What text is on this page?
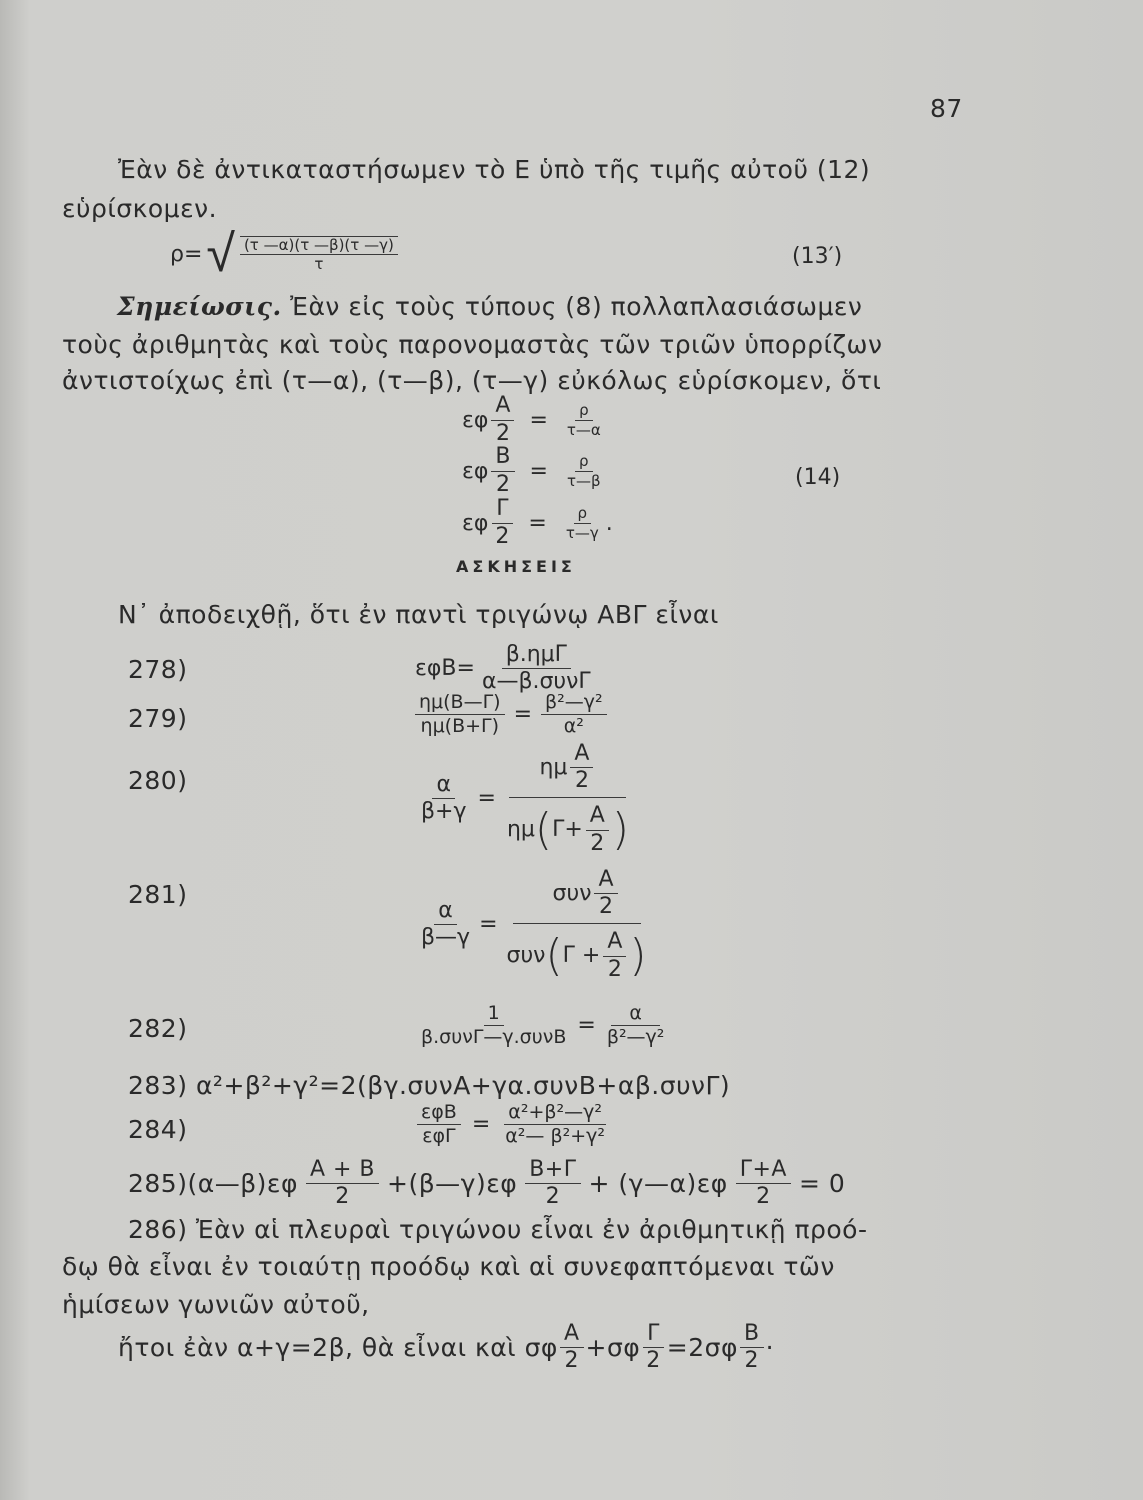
87
Ἐὰν δὲ ἀντικαταστήσωμεν τὸ Ε ὑπὸ τῆς τιμῆς αὐτοῦ (12)
εὑρίσκομεν.
ρ= √ $\frac{(\tau —\alpha)(\tau —\beta)(\tau —\gamma)}{\tau}$	(13′)
Σημείωσις. Ἐὰν εἰς τοὺς τύπους (8) πολλαπλασιάσωμεν
τοὺς ἀριθμητὰς καὶ τοὺς παρονομαστὰς τῶν τριῶν ὑπορρίζων
ἀντιστοίχως ἐπὶ (τ—α), (τ—β), (τ—γ) εὐκόλως εὑρίσκομεν, ὅτι
εφ $\frac{A}{2} = \frac{\rho}{\tau—\alpha}$
εφ $\frac{B}{2} = \frac{\rho}{\tau—\beta}$
εφ $\frac{\Gamma}{2} = \frac{\rho}{\tau—\gamma}$ .
(14)
ΑΣΚΗΣΕΙΣ
Ν᾽ ἀποδειχθῇ, ὅτι ἐν παντὶ τριγώνῳ ΑΒΓ εἶναι
278)	$\varepsilon\varphi B= \frac{\text{β.ημΓ}}{\text{α—β.συνΓ}}$
279)	$\frac{\eta\mu(B—\Gamma)}{\eta\mu(B+\Gamma)} = \frac{\text{β²—γ²}}{\text{α²}}$
280)	$\frac{\alpha}{\beta+\gamma} = \frac{\eta\mu \frac{A}{2}}{\eta\mu ( \Gamma+ \frac{A}{2} )}$
281)
$\frac{\alpha}{\beta—\gamma} = \frac{\sigma\upsilon\nu \frac{A}{2}}{\sigma\upsilon\nu ( \Gamma + \frac{A}{2} )}$
282)	$\frac{1}{\text{β.συνΓ—γ.συνΒ}} = \frac{\alpha}{\text{β²—γ²}}$
283) α²+β²+γ²=2(βγ.συνΑ+γα.συνΒ+αβ.συνΓ)
284)	$\frac{\text{εφΒ}}{\text{εφΓ}} = \frac{\text{α²+β²—γ²}}{\text{α²— β²+γ²}}$
285) (α—β)εφ $\frac{A + B}{2}$ +(β—γ)εφ $\frac{B+\Gamma}{2}$ + (γ—α)εφ $\frac{\Gamma+A}{2} = 0$
286) Ἐὰν αἱ πλευραὶ τριγώνου εἶναι ἐν ἀριθμητικῇ προό-
δῳ θὰ εἶναι ἐν τοιαύτῃ προόδῳ καὶ αἱ συνεφαπτόμεναι τῶν
ἡμίσεων γωνιῶν αὐτοῦ,
ἤτοι ἐὰν α+γ=2β, θὰ εἶναι καὶ σφ $\frac{A}{2} +\sigma\varphi \frac{\Gamma}{2} =2\sigma\varphi \frac{B}{2}$ ·
